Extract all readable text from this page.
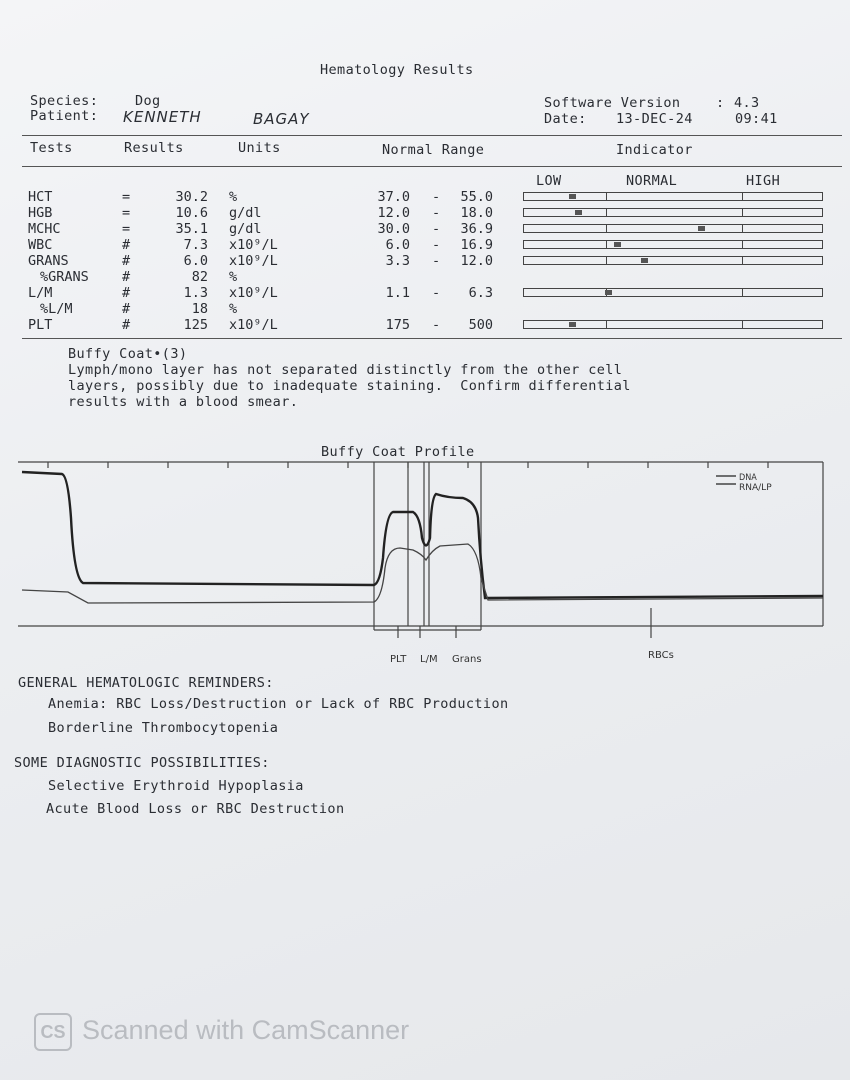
Hematology Results
Species:	Dog
Patient: KENNETH	BAGAY
Software Version	: 4.3
Date: 13-DEC-24	09:41
Tests	Results	Units	Normal Range	Indicator
LOW	NORMAL	HIGH
HCT	=	30.2 %	37.0 - 55.0
HGB	=	10.6 g/dl	12.0 - 18.0
MCHC	=	35.1 g/dl	30.0 - 36.9
WBC	#	7.3 x10⁹/L	6.0 - 16.9
GRANS	#	6.0 x10⁹/L	3.3 - 12.0
%GRANS #	82 %
L/M	#	1.3 x10⁹/L	1.1 - 6.3
%L/M	#	18 %
PLT	#	125 x10⁹/L	175 - 500
Buffy Coat•(3)
Lymph/mono layer has not separated distinctly from the other cell
layers, possibly due to inadequate staining.  Confirm differential
results with a blood smear.
Buffy Coat Profile
DNA
RNA/LP
PLT L/M Grans	RBCs
GENERAL HEMATOLOGIC REMINDERS:
Anemia: RBC Loss/Destruction or Lack of RBC Production
Borderline Thrombocytopenia
SOME DIAGNOSTIC POSSIBILITIES:
Selective Erythroid Hypoplasia
Acute Blood Loss or RBC Destruction
CS Scanned with CamScanner
